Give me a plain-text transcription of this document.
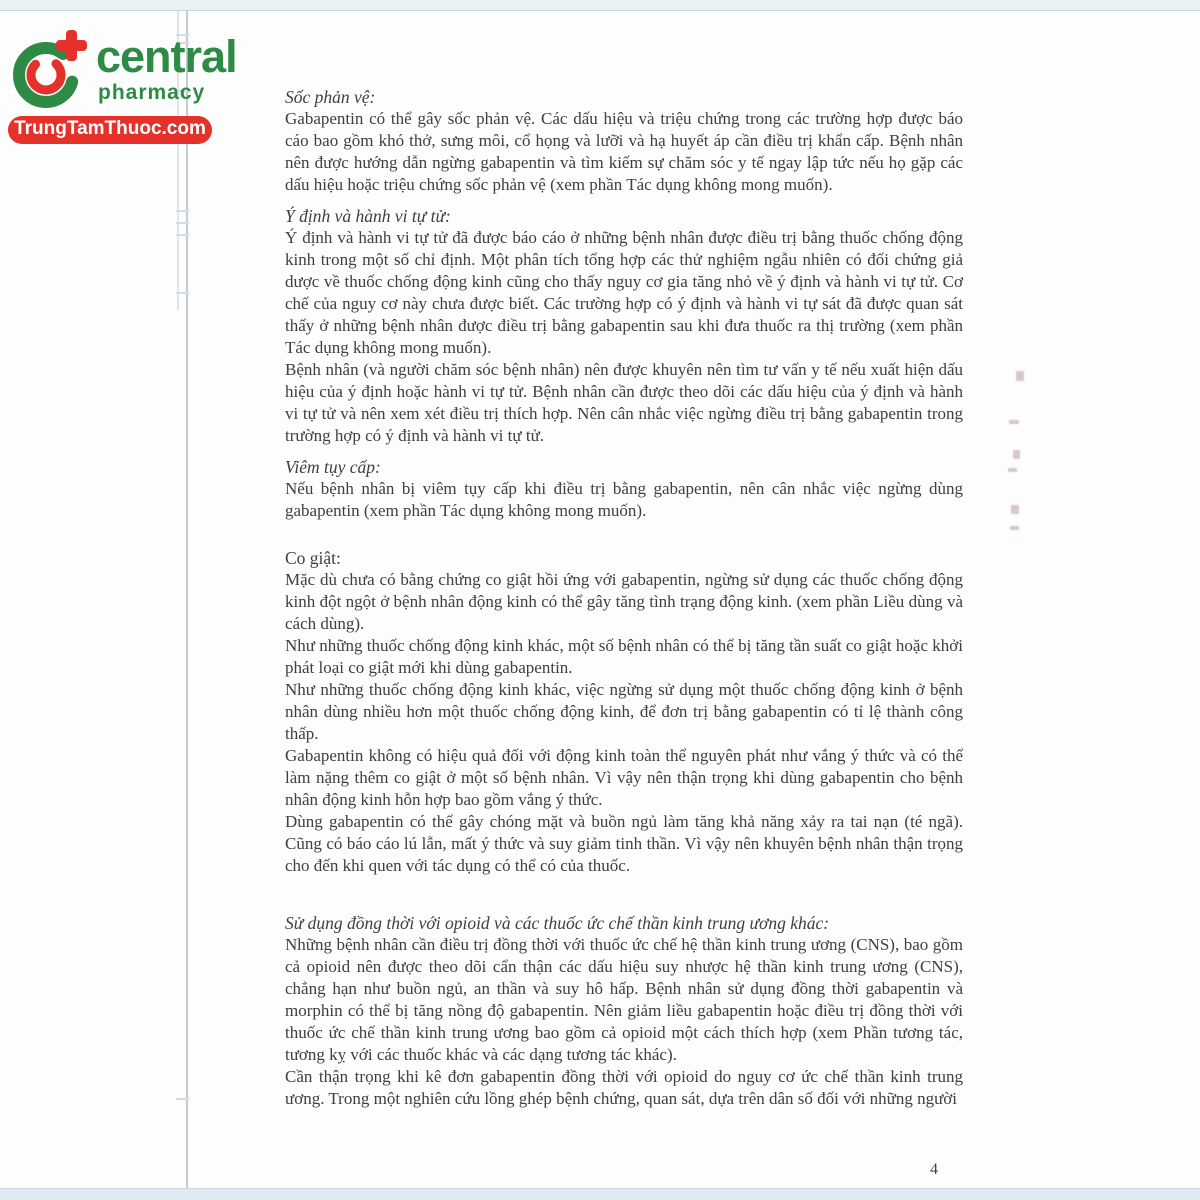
central
pharmacy
TrungTamThuoc.com
Sốc phản vệ:

Gabapentin có thể gây sốc phản vệ. Các dấu hiệu và triệu chứng trong các trường hợp được báo cáo bao gồm khó thở, sưng môi, cổ họng và lưỡi và hạ huyết áp cần điều trị khẩn cấp. Bệnh nhân nên được hướng dẫn ngừng gabapentin và tìm kiếm sự chăm sóc y tế ngay lập tức nếu họ gặp các dấu hiệu hoặc triệu chứng sốc phản vệ (xem phần Tác dụng không mong muốn).

Ý định và hành vi tự tử:

Ý định và hành vi tự tử đã được báo cáo ở những bệnh nhân được điều trị bằng thuốc chống động kinh trong một số chỉ định. Một phân tích tổng hợp các thử nghiệm ngẫu nhiên có đối chứng giả dược về thuốc chống động kinh cũng cho thấy nguy cơ gia tăng nhỏ về ý định và hành vi tự tử. Cơ chế của nguy cơ này chưa được biết. Các trường hợp có ý định và hành vi tự sát đã được quan sát thấy ở những bệnh nhân được điều trị bằng gabapentin sau khi đưa thuốc ra thị trường (xem phần Tác dụng không mong muốn).

Bệnh nhân (và người chăm sóc bệnh nhân) nên được khuyên nên tìm tư vấn y tế nếu xuất hiện dấu hiệu của ý định hoặc hành vi tự tử. Bệnh nhân cần được theo dõi các dấu hiệu của ý định và hành vi tự tử và nên xem xét điều trị thích hợp. Nên cân nhắc việc ngừng điều trị bằng gabapentin trong trường hợp có ý định và hành vi tự tử.

Viêm tụy cấp:

Nếu bệnh nhân bị viêm tụy cấp khi điều trị bằng gabapentin, nên cân nhắc việc ngừng dùng gabapentin (xem phần Tác dụng không mong muốn).

Co giật:

Mặc dù chưa có bằng chứng co giật hồi ứng với gabapentin, ngừng sử dụng các thuốc chống động kinh đột ngột ở bệnh nhân động kinh có thể gây tăng tình trạng động kinh. (xem phần Liều dùng và cách dùng).

Như những thuốc chống động kinh khác, một số bệnh nhân có thể bị tăng tần suất co giật hoặc khởi phát loại co giật mới khi dùng gabapentin.

Như những thuốc chống động kinh khác, việc ngừng sử dụng một thuốc chống động kinh ở bệnh nhân dùng nhiều hơn một thuốc chống động kinh, để đơn trị bằng gabapentin có tỉ lệ thành công thấp.

Gabapentin không có hiệu quả đối với động kinh toàn thể nguyên phát như vắng ý thức và có thể làm nặng thêm co giật ở một số bệnh nhân. Vì vậy nên thận trọng khi dùng gabapentin cho bệnh nhân động kinh hỗn hợp bao gồm vắng ý thức.

Dùng gabapentin có thể gây chóng mặt và buồn ngủ làm tăng khả năng xảy ra tai nạn (té ngã). Cũng có báo cáo lú lẫn, mất ý thức và suy giảm tinh thần. Vì vậy nên khuyên bệnh nhân thận trọng cho đến khi quen với tác dụng có thể có của thuốc.

Sử dụng đồng thời với opioid và các thuốc ức chế thần kinh trung ương khác:

Những bệnh nhân cần điều trị đồng thời với thuốc ức chế hệ thần kinh trung ương (CNS), bao gồm cả opioid nên được theo dõi cẩn thận các dấu hiệu suy nhược hệ thần kinh trung ương (CNS), chẳng hạn như buồn ngủ, an thần và suy hô hấp. Bệnh nhân sử dụng đồng thời gabapentin và morphin có thể bị tăng nồng độ gabapentin. Nên giảm liều gabapentin hoặc điều trị đồng thời với thuốc ức chế thần kinh trung ương bao gồm cả opioid một cách thích hợp (xem Phần tương tác, tương kỵ với các thuốc khác và các dạng tương tác khác).

Cần thận trọng khi kê đơn gabapentin đồng thời với opioid do nguy cơ ức chế thần kinh trung ương. Trong một nghiên cứu lồng ghép bệnh chứng, quan sát, dựa trên dân số đối với những người

4
